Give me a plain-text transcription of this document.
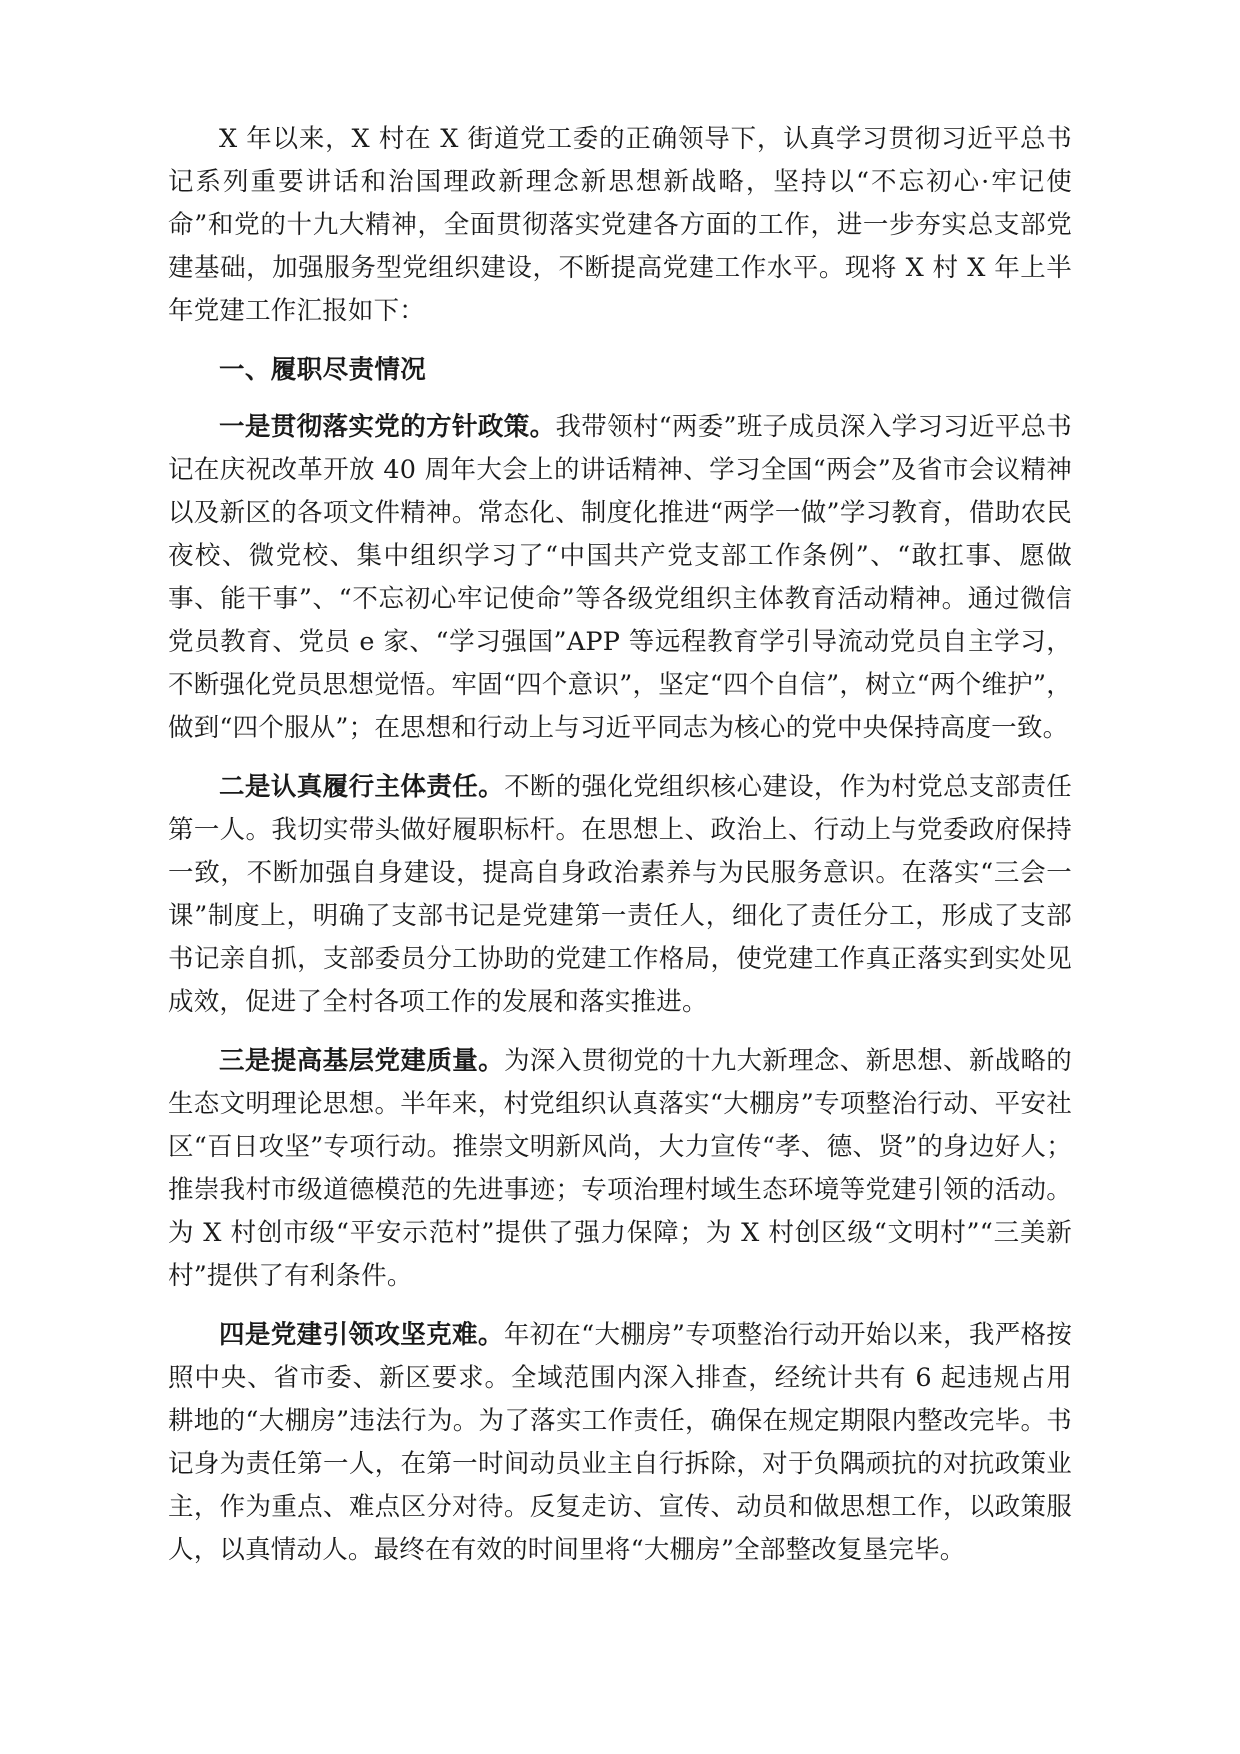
X 年以来，X 村在 X 街道党工委的正确领导下，认真学习贯彻习近平总书记系列重要讲话和治国理政新理念新思想新战略，坚持以“不忘初心·牢记使命”和党的十九大精神，全面贯彻落实党建各方面的工作，进一步夯实总支部党建基础，加强服务型党组织建设，不断提高党建工作水平。现将 X 村 X 年上半年党建工作汇报如下：

一、履职尽责情况

一是贯彻落实党的方针政策。我带领村“两委”班子成员深入学习习近平总书记在庆祝改革开放 40 周年大会上的讲话精神、学习全国“两会”及省市会议精神以及新区的各项文件精神。常态化、制度化推进“两学一做”学习教育，借助农民夜校、微党校、集中组织学习了“中国共产党支部工作条例”、“敢扛事、愿做事、能干事”、“不忘初心牢记使命”等各级党组织主体教育活动精神。通过微信党员教育、党员 e 家、“学习强国”APP 等远程教育学引导流动党员自主学习，不断强化党员思想觉悟。牢固“四个意识”，坚定“四个自信”，树立“两个维护”，做到“四个服从”；在思想和行动上与习近平同志为核心的党中央保持高度一致。

二是认真履行主体责任。不断的强化党组织核心建设，作为村党总支部责任第一人。我切实带头做好履职标杆。在思想上、政治上、行动上与党委政府保持一致，不断加强自身建设，提高自身政治素养与为民服务意识。在落实“三会一课”制度上，明确了支部书记是党建第一责任人，细化了责任分工，形成了支部书记亲自抓，支部委员分工协助的党建工作格局，使党建工作真正落实到实处见成效，促进了全村各项工作的发展和落实推进。

三是提高基层党建质量。为深入贯彻党的十九大新理念、新思想、新战略的生态文明理论思想。半年来，村党组织认真落实“大棚房”专项整治行动、平安社区“百日攻坚”专项行动。推崇文明新风尚，大力宣传“孝、德、贤”的身边好人；推崇我村市级道德模范的先进事迹；专项治理村域生态环境等党建引领的活动。为 X 村创市级“平安示范村”提供了强力保障；为 X 村创区级“文明村”“三美新村”提供了有利条件。

四是党建引领攻坚克难。年初在“大棚房”专项整治行动开始以来，我严格按照中央、省市委、新区要求。全域范围内深入排查，经统计共有 6 起违规占用耕地的“大棚房”违法行为。为了落实工作责任，确保在规定期限内整改完毕。书记身为责任第一人，在第一时间动员业主自行拆除，对于负隅顽抗的对抗政策业主，作为重点、难点区分对待。反复走访、宣传、动员和做思想工作，以政策服人，以真情动人。最终在有效的时间里将“大棚房”全部整改复垦完毕。
